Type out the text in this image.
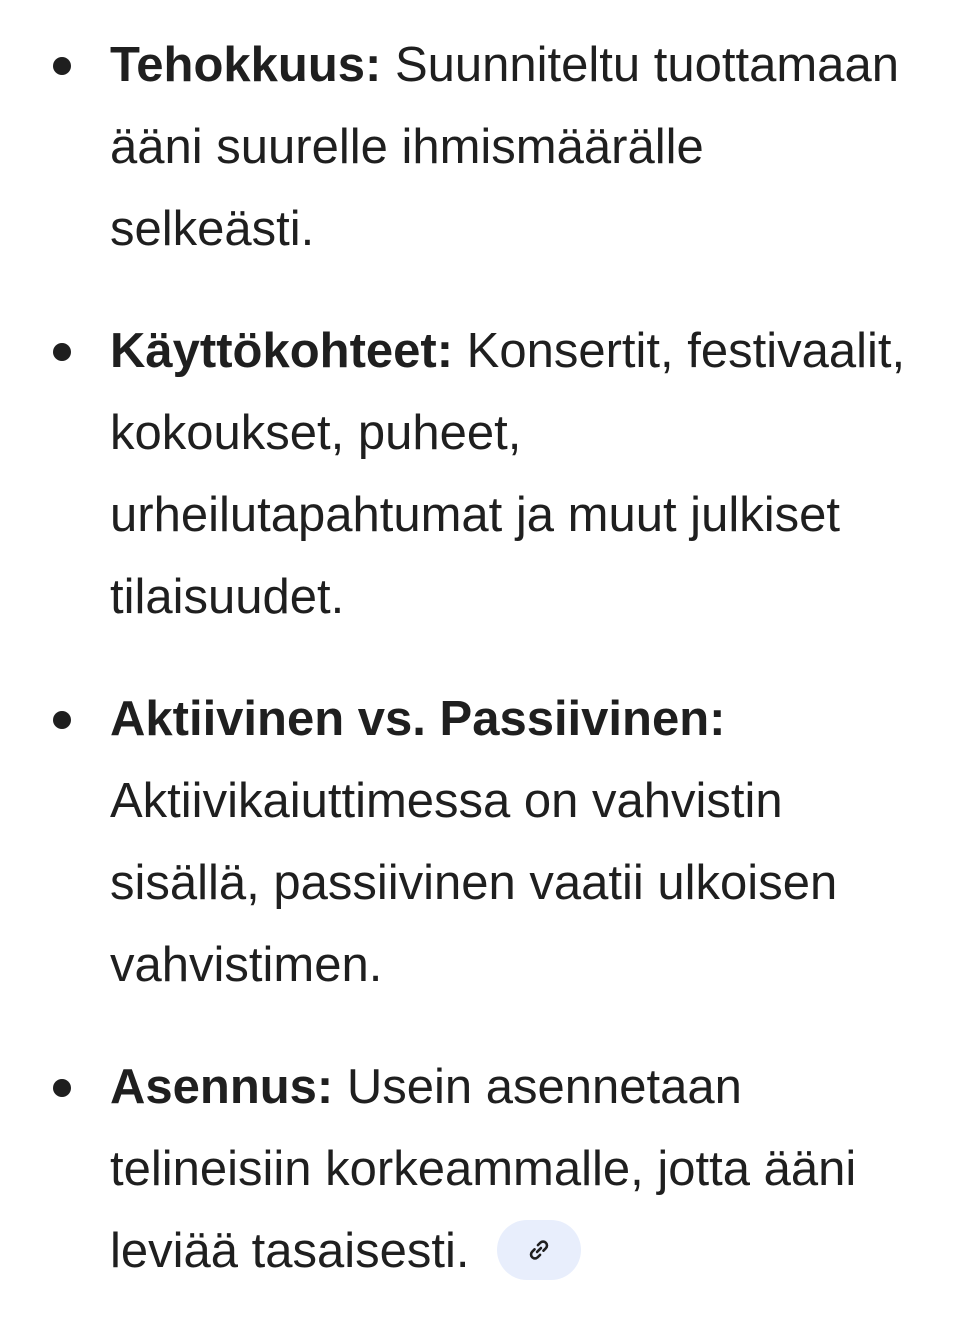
Tehokkuus: Suunniteltu tuottamaan ääni suurelle ihmismäärälle selkeästi.
Käyttökohteet: Konsertit, festivaalit, kokoukset, puheet, urheilutapahtumat ja muut julkiset tilaisuudet.
Aktiivinen vs. Passiivinen: Aktiivikaiuttimessa on vahvistin sisällä, passiivinen vaatii ulkoisen vahvistimen.
Asennus: Usein asennetaan telineisiin korkeammalle, jotta ääni leviää tasaisesti.
